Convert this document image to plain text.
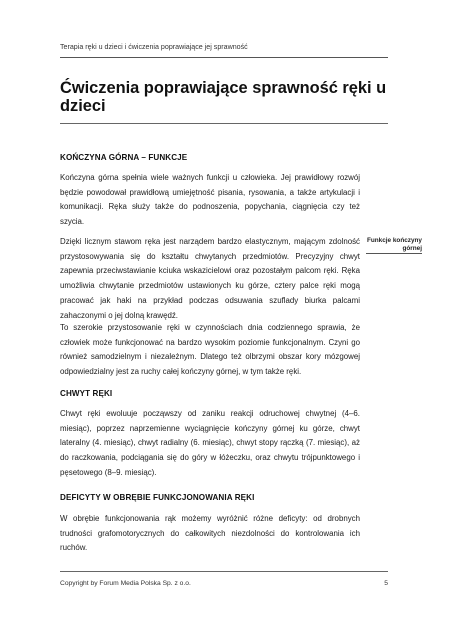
Terapia ręki u dzieci i ćwiczenia poprawiające jej sprawność
Ćwiczenia poprawiające sprawność ręki u dzieci
KOŃCZYNA GÓRNA – FUNKCJE

Kończyna górna spełnia wiele ważnych funkcji u człowieka. Jej prawidłowy rozwój będzie powodował prawidłową umiejętność pisania, rysowania, a także artykulacji i komunikacji. Ręka służy także do podnoszenia, popychania, ciągnięcia czy też szycia.

Dzięki licznym stawom ręka jest narządem bardzo elastycznym, mającym zdolność przystosowywania się do kształtu chwytanych przedmiotów. Precyzyjny chwyt zapewnia przeciwstawianie kciuka wskazicielowi oraz pozostałym palcom ręki. Ręka umożliwia chwytanie przedmiotów ustawionych ku górze, cztery palce ręki mogą pracować jak haki na przykład podczas odsuwania szuflady biurka palcami zahaczonymi o jej dolną krawędź.

To szerokie przystosowanie ręki w czynnościach dnia codziennego sprawia, że człowiek może funkcjonować na bardzo wysokim poziomie funkcjonalnym. Czyni go również samodzielnym i niezależnym. Dlatego też olbrzymi obszar kory mózgowej odpowiedzialny jest za ruchy całej kończyny górnej, w tym także ręki.

Funkcje kończyny górnej
CHWYT RĘKI

Chwyt ręki ewoluuje począwszy od zaniku reakcji odruchowej chwytnej (4–6. miesiąc), poprzez naprzemienne wyciągnięcie kończyny górnej ku górze, chwyt lateralny (4. miesiąc), chwyt radialny (6. miesiąc), chwyt stopy rączką (7. miesiąc), aż do raczkowania, podciągania się do góry w łóżeczku, oraz chwytu trójpunktowego i pęsetowego (8–9. miesiąc).

DEFICYTY W OBRĘBIE FUNKCJONOWANIA RĘKI

W obrębie funkcjonowania rąk możemy wyróżnić różne deficyty: od drobnych trudności grafomotorycznych do całkowitych niezdolności do kontrolowania ich ruchów.

Copyright by Forum Media Polska Sp. z o.o.	5
